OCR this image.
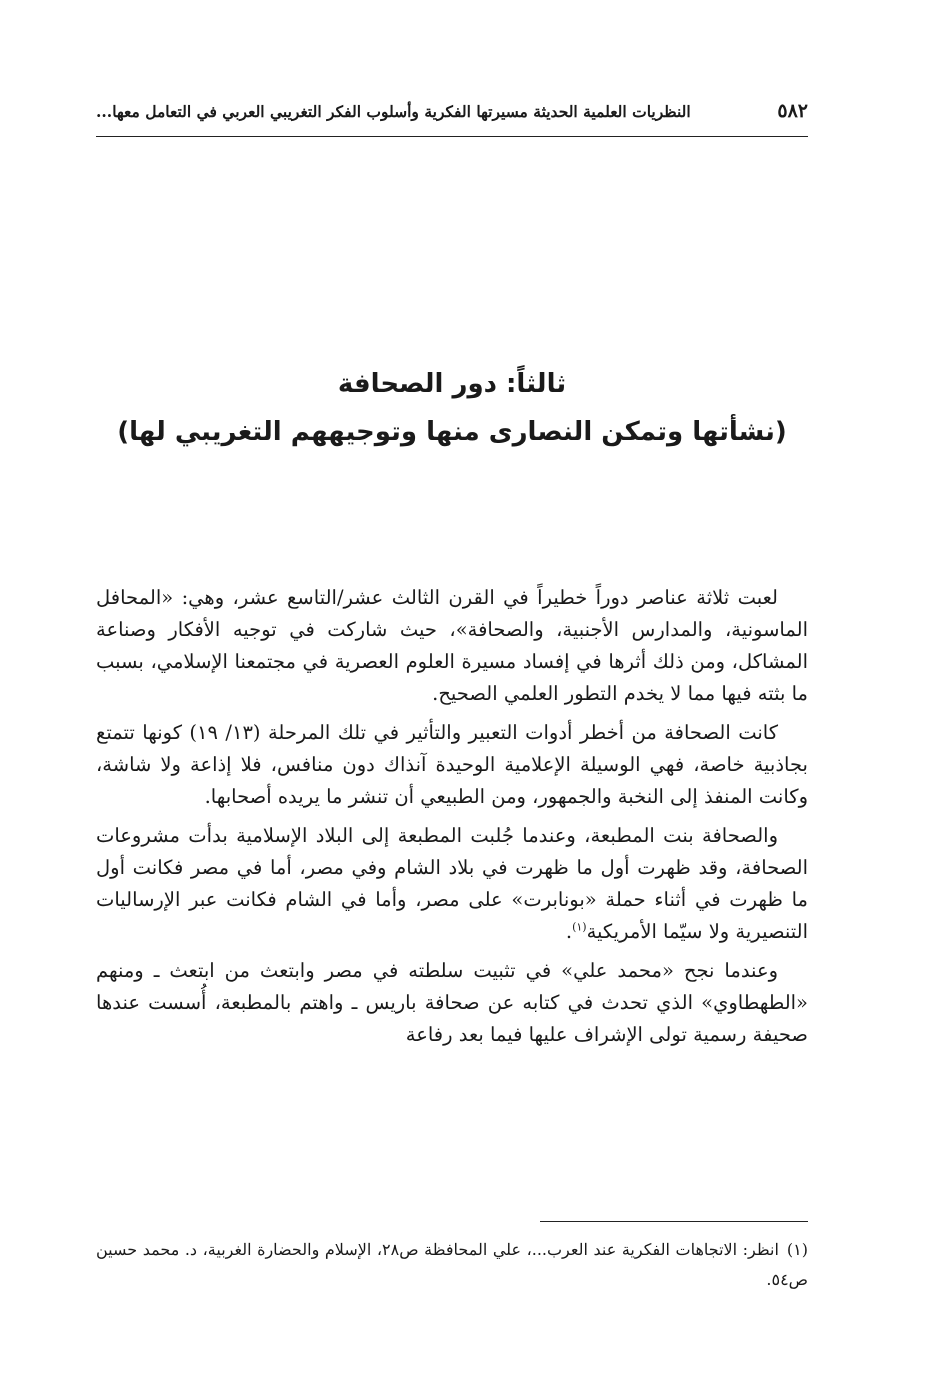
٥٨٢
النظريات العلمية الحديثة مسيرتها الفكرية وأسلوب الفكر التغريبي العربي في التعامل معها...

ثالثاً: دور الصحافة

(نشأتها وتمكن النصارى منها وتوجيههم التغريبي لها)

لعبت ثلاثة عناصر دوراً خطيراً في القرن الثالث عشر/التاسع عشر، وهي: «المحافل الماسونية، والمدارس الأجنبية، والصحافة»، حيث شاركت في توجيه الأفكار وصناعة المشاكل، ومن ذلك أثرها في إفساد مسيرة العلوم العصرية في مجتمعنا الإسلامي، بسبب ما بثته فيها مما لا يخدم التطور العلمي الصحيح.

كانت الصحافة من أخطر أدوات التعبير والتأثير في تلك المرحلة (١٣/ ١٩) كونها تتمتع بجاذبية خاصة، فهي الوسيلة الإعلامية الوحيدة آنذاك دون منافس، فلا إذاعة ولا شاشة، وكانت المنفذ إلى النخبة والجمهور، ومن الطبيعي أن تنشر ما يريده أصحابها.

والصحافة بنت المطبعة، وعندما جُلبت المطبعة إلى البلاد الإسلامية بدأت مشروعات الصحافة، وقد ظهرت أول ما ظهرت في بلاد الشام وفي مصر، أما في مصر فكانت أول ما ظهرت في أثناء حملة «بونابرت» على مصر، وأما في الشام فكانت عبر الإرساليات التنصيرية ولا سيّما الأمريكية$^{(١)}$.

وعندما نجح «محمد علي» في تثبيت سلطته في مصر وابتعث من ابتعث ـ ومنهم «الطهطاوي» الذي تحدث في كتابه عن صحافة باريس ـ واهتم بالمطبعة، أُسست عندها صحيفة رسمية تولى الإشراف عليها فيما بعد رفاعة

(١)انظر: الاتجاهات الفكرية عند العرب...، علي المحافظة ص٢٨، الإسلام والحضارة الغربية، د. محمد حسين ص٥٤.
